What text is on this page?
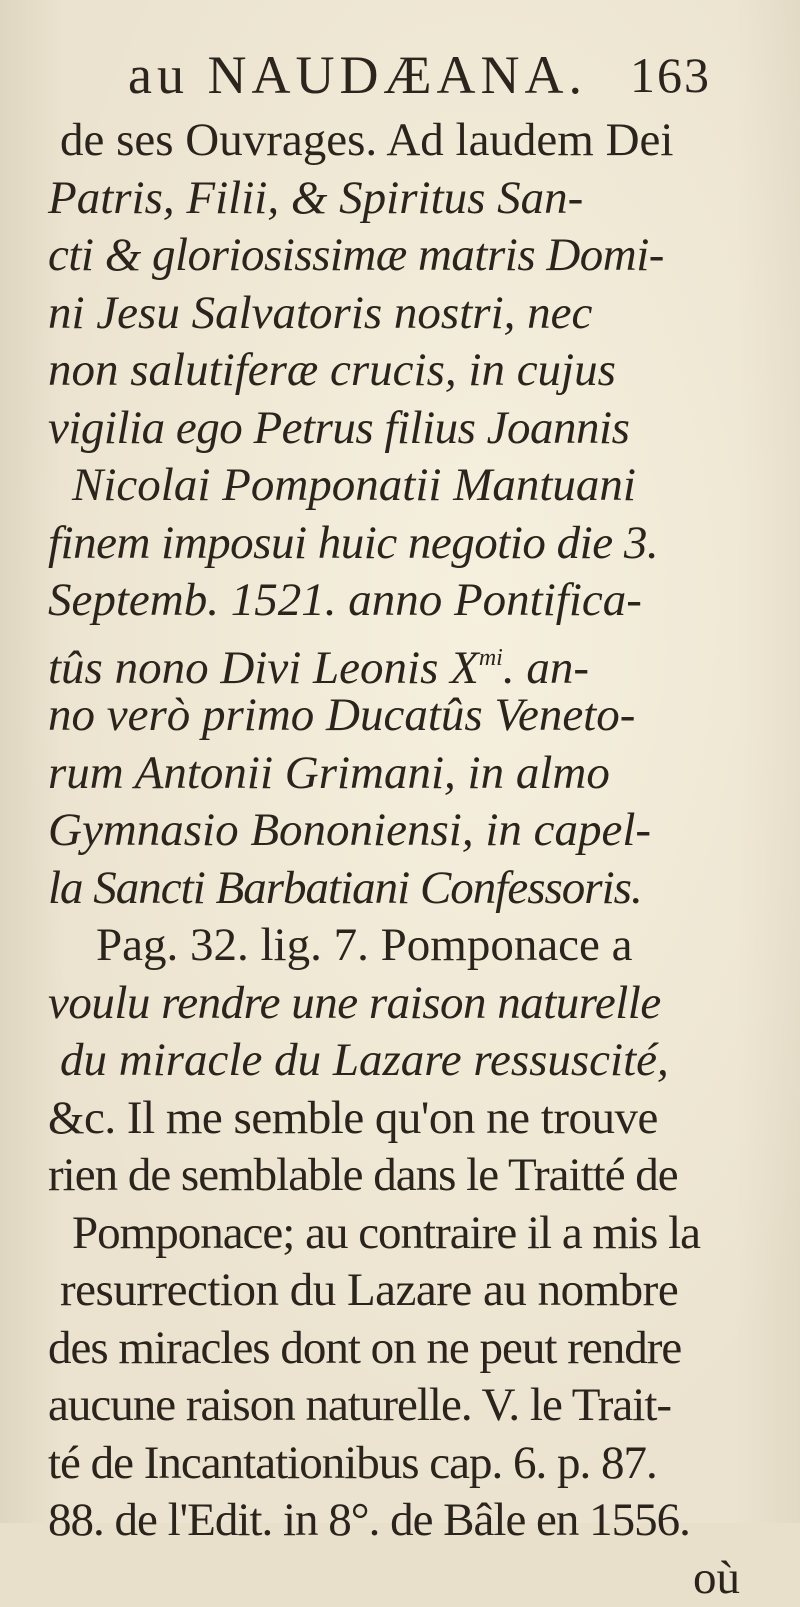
au NAUDÆANA. 163
de ses Ouvrages. Ad laudem Dei
Patris, Filii, & Spiritus San-
cti & gloriosissimæ matris Domi-
ni Jesu Salvatoris nostri, nec
non salutiferæ crucis, in cujus
vigilia ego Petrus filius Joannis
Nicolai Pomponatii Mantuani
finem imposui huic negotio die 3.
Septemb. 1521. anno Pontifica-
tûs nono Divi Leonis $X^{mi}$. an-
no verò primo Ducatûs Veneto-
rum Antonii Grimani, in almo
Gymnasio Bononiensi, in capel-
la Sancti Barbatiani Confessoris.
Pag. 32. lig. 7. Pomponace a
voulu rendre une raison naturelle
du miracle du Lazare ressuscité,
&c. Il me semble qu'on ne trouve
rien de semblable dans le Traitté de
Pomponace; au contraire il a mis la
resurrection du Lazare au nombre
des miracles dont on ne peut rendre
aucune raison naturelle. V. le Trait-
té de Incantationibus cap. 6. p. 87.
88. de l'Edit. in 8°. de Bâle en 1556.
où
